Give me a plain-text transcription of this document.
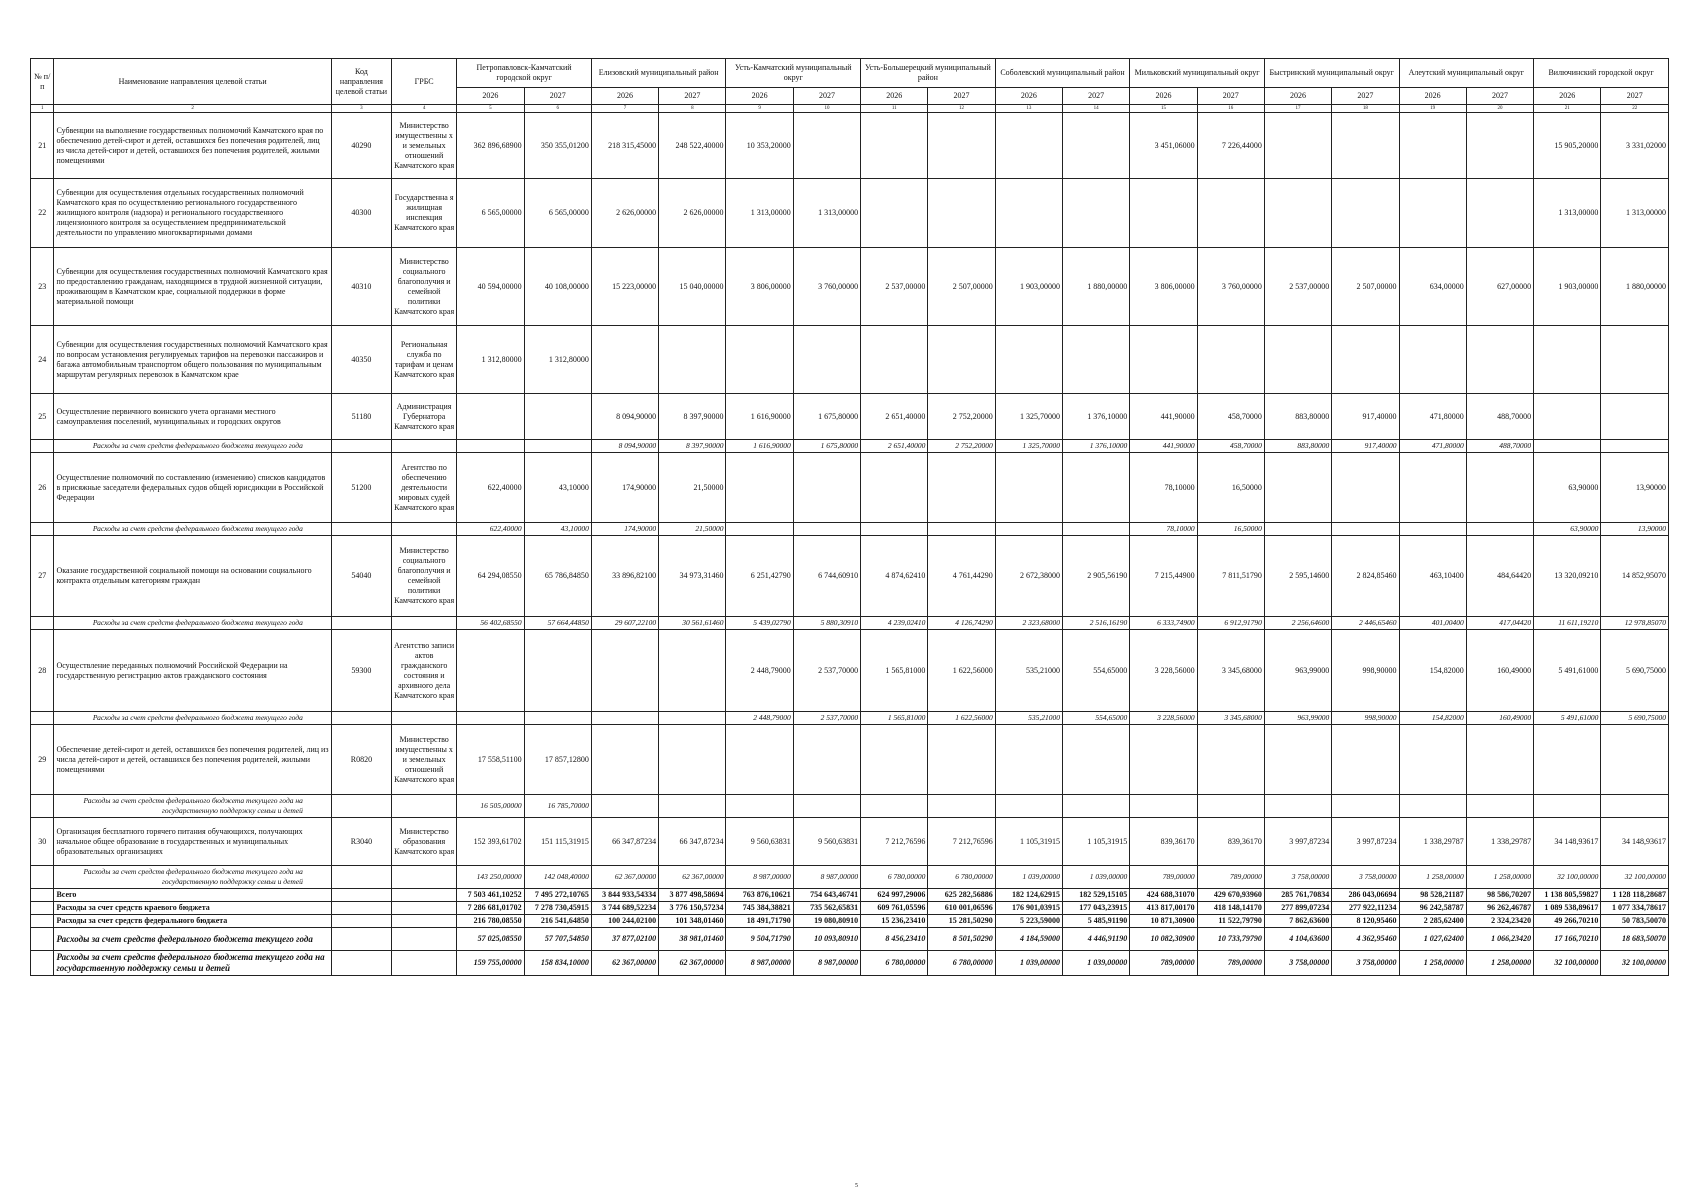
№ п/п	Наименование направления целевой статьи	Код направления целевой статьи	ГРБС	Петропавловск-Камчатский городской округ		Елизовский муниципальный район		Усть-Камчатский муниципальный округ		Усть-Большерецкий муниципальный район		Соболевский муниципальный район		Мильковский муниципальный округ		Быстринский муниципальный округ		Алеутский муниципальный округ		Вилючинский городской округ	
				2026	2027	2026	2027	2026	2027	2026	2027	2026	2027	2026	2027	2026	2027	2026	2027	2026	2027
1	2	3	4	5	6	7	8	9	10	11	12	13	14	15	16	17	18	19	20	21	22
21	Субвенции на выполнение государственных полномочий Камчатского края по обеспечению детей-сирот и детей, оставшихся без попечения родителей, лиц из числа детей-сирот и детей, оставшихся без попечения родителей, жилыми помещениями	40290	Министерство имущественны х и земельных отношений Камчатского края	362 896,68900	350 355,01200	218 315,45000	248 522,40000	10 353,20000						3 451,06000	7 226,44000					15 905,20000	3 331,02000
22	Субвенции для осуществления отдельных государственных полномочий Камчатского края по осуществлению регионального государственного жилищного контроля (надзора) и регионального государственного лицензионного контроля за осуществлением предпринимательской деятельности по управлению многоквартирными домами	40300	Государственна я жилищная инспекция Камчатского края	6 565,00000	6 565,00000	2 626,00000	2 626,00000	1 313,00000	1 313,00000											1 313,00000	1 313,00000
23	Субвенции для осуществления государственных полномочий Камчатского края по предоставлению гражданам, находящимся в трудной жизненной ситуации, проживающим в Камчатском крае, социальной поддержки в форме материальной помощи	40310	Министерство социального благополучия и семейной политики Камчатского края	40 594,00000	40 108,00000	15 223,00000	15 040,00000	3 806,00000	3 760,00000	2 537,00000	2 507,00000	1 903,00000	1 880,00000	3 806,00000	3 760,00000	2 537,00000	2 507,00000	634,00000	627,00000	1 903,00000	1 880,00000
24	Субвенции для осуществления государственных полномочий Камчатского края по вопросам установления регулируемых тарифов на перевозки пассажиров и багажа автомобильным транспортом общего пользования по муниципальным маршрутам регулярных перевозок в Камчатском крае	40350	Региональная служба по тарифам и ценам Камчатского края	1 312,80000	1 312,80000																
25	Осуществление первичного воинского учета органами местного самоуправления поселений, муниципальных и городских округов	51180	Администрация Губернатора Камчатского края			8 094,90000	8 397,90000	1 616,90000	1 675,80000	2 651,40000	2 752,20000	1 325,70000	1 376,10000	441,90000	458,70000	883,80000	917,40000	471,80000	488,70000		
	Расходы за счет средств федерального бюджета текущего года					8 094,90000	8 397,90000	1 616,90000	1 675,80000	2 651,40000	2 752,20000	1 325,70000	1 376,10000	441,90000	458,70000	883,80000	917,40000	471,80000	488,70000		
26	Осуществление полномочий по составлению (изменению) списков кандидатов в присяжные заседатели федеральных судов общей юрисдикции в Российской Федерации	51200	Агентство по обеспечению деятельности мировых судей Камчатского края	622,40000	43,10000	174,90000	21,50000							78,10000	16,50000					63,90000	13,90000
	Расходы за счет средств федерального бюджета текущего года			622,40000	43,10000	174,90000	21,50000							78,10000	16,50000					63,90000	13,90000
27	Оказание государственной социальной помощи на основании социального контракта отдельным категориям граждан	54040	Министерство социального благополучия и семейной политики Камчатского края	64 294,08550	65 786,84850	33 896,82100	34 973,31460	6 251,42790	6 744,60910	4 874,62410	4 761,44290	2 672,38000	2 905,56190	7 215,44900	7 811,51790	2 595,14600	2 824,85460	463,10400	484,64420	13 320,09210	14 852,95070
	Расходы за счет средств федерального бюджета текущего года			56 402,68550	57 664,44850	29 607,22100	30 561,61460	5 439,02790	5 880,30910	4 239,02410	4 126,74290	2 323,68000	2 516,16190	6 333,74900	6 912,91790	2 256,64600	2 446,65460	401,00400	417,04420	11 611,19210	12 978,85070
28	Осуществление переданных полномочий Российской Федерации на государственную регистрацию актов гражданского состояния	59300	Агентство записи актов гражданского состояния и архивного дела Камчатского края					2 448,79000	2 537,70000	1 565,81000	1 622,56000	535,21000	554,65000	3 228,56000	3 345,68000	963,99000	998,90000	154,82000	160,49000	5 491,61000	5 690,75000
	Расходы за счет средств федерального бюджета текущего года							2 448,79000	2 537,70000	1 565,81000	1 622,56000	535,21000	554,65000	3 228,56000	3 345,68000	963,99000	998,90000	154,82000	160,49000	5 491,61000	5 690,75000
29	Обеспечение детей-сирот и детей, оставшихся без попечения родителей, лиц из числа детей-сирот и детей, оставшихся без попечения родителей, жилыми помещениями	R0820	Министерство имущественны х и земельных отношений Камчатского края	17 558,51100	17 857,12800																
	Расходы за счет средств федерального бюджета текущего года на государственную поддержку семьи и детей			16 505,00000	16 785,70000																
30	Организация бесплатного горячего питания обучающихся, получающих начальное общее образование в государственных и муниципальных образовательных организациях	R3040	Министерство образования Камчатского края	152 393,61702	151 115,31915	66 347,87234	66 347,87234	9 560,63831	9 560,63831	7 212,76596	7 212,76596	1 105,31915	1 105,31915	839,36170	839,36170	3 997,87234	3 997,87234	1 338,29787	1 338,29787	34 148,93617	34 148,93617
	Расходы за счет средств федерального бюджета текущего года на государственную поддержку семьи и детей			143 250,00000	142 048,40000	62 367,00000	62 367,00000	8 987,00000	8 987,00000	6 780,00000	6 780,00000	1 039,00000	1 039,00000	789,00000	789,00000	3 758,00000	3 758,00000	1 258,00000	1 258,00000	32 100,00000	32 100,00000
	Всего			7 503 461,10252	7 495 272,10765	3 844 933,54334	3 877 498,58694	763 876,10621	754 643,46741	624 997,29006	625 282,56886	182 124,62915	182 529,15105	424 688,31070	429 670,93960	285 761,70834	286 043,06694	98 528,21187	98 586,70207	1 138 805,59827	1 128 118,28687
	Расходы за счет средств краевого бюджета			7 286 681,01702	7 278 730,45915	3 744 689,52234	3 776 150,57234	745 384,38821	735 562,65831	609 761,05596	610 001,06596	176 901,03915	177 043,23915	413 817,00170	418 148,14170	277 899,07234	277 922,11234	96 242,58787	96 262,46787	1 089 538,89617	1 077 334,78617
	Расходы за счет средств федерального бюджета			216 780,08550	216 541,64850	100 244,02100	101 348,01460	18 491,71790	19 080,80910	15 236,23410	15 281,50290	5 223,59000	5 485,91190	10 871,30900	11 522,79790	7 862,63600	8 120,95460	2 285,62400	2 324,23420	49 266,70210	50 783,50070
	Расходы за счет средств федерального бюджета текущего года			57 025,08550	57 707,54850	37 877,02100	38 981,01460	9 504,71790	10 093,80910	8 456,23410	8 501,50290	4 184,59000	4 446,91190	10 082,30900	10 733,79790	4 104,63600	4 362,95460	1 027,62400	1 066,23420	17 166,70210	18 683,50070
	Расходы за счет средств федерального бюджета текущего года на государственную поддержку семьи и детей			159 755,00000	158 834,10000	62 367,00000	62 367,00000	8 987,00000	8 987,00000	6 780,00000	6 780,00000	1 039,00000	1 039,00000	789,00000	789,00000	3 758,00000	3 758,00000	1 258,00000	1 258,00000	32 100,00000	32 100,00000
5
